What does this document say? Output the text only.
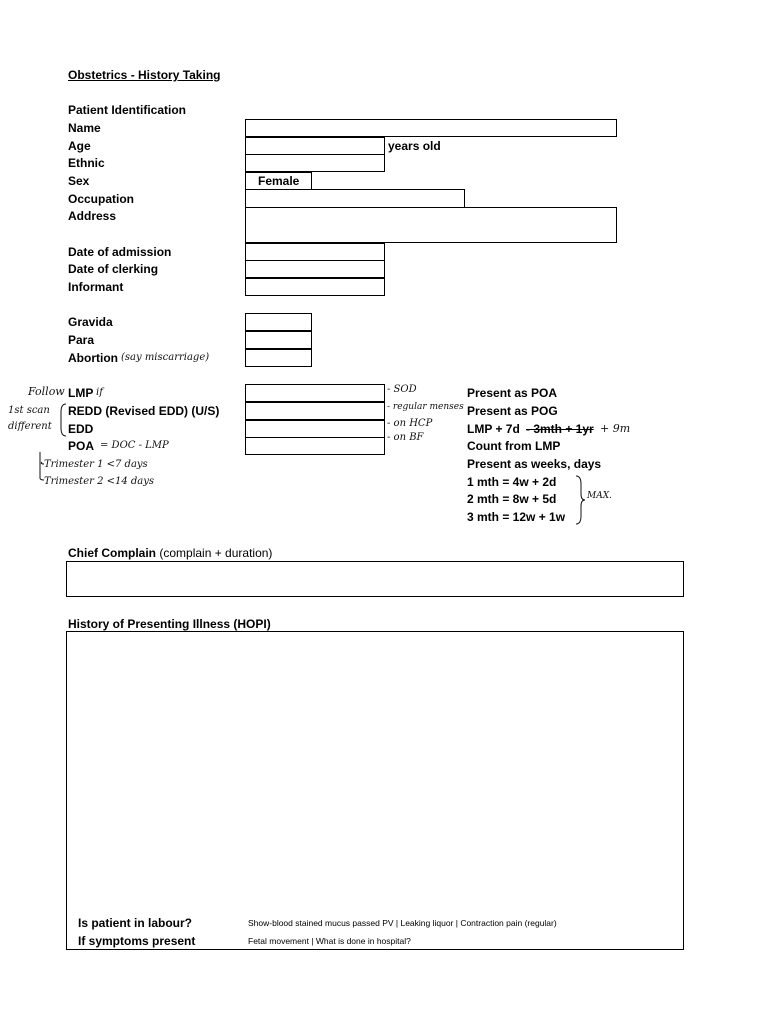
Obstetrics - History Taking
Patient Identification
Name
Age	years old
Ethnic
Sex	Female
Occupation
Address
Date of admission
Date of clerking
Informant
Gravida
Para
Abortion (say miscarriage)
Follow
1st scan
different
LMP if
REDD (Revised EDD) (U/S)
EDD
POA = DOC - LMP
Trimester 1 <7 days
Trimester 2 <14 days
- SOD
- regular menses
- on HCP
- on BF
Present as POA
Present as POG
LMP + 7d - 3mth + 1yr + 9m
Count from LMP
Present as weeks, days
1 mth = 4w + 2d
2 mth = 8w + 5d
3 mth = 12w + 1w
MAX.
Chief Complain (complain + duration)
History of Presenting Illness (HOPI)
Is patient in labour?	Show-blood stained mucus passed PV | Leaking liquor | Contraction pain (regular)
If symptoms present	Fetal movement | What is done in hospital?
